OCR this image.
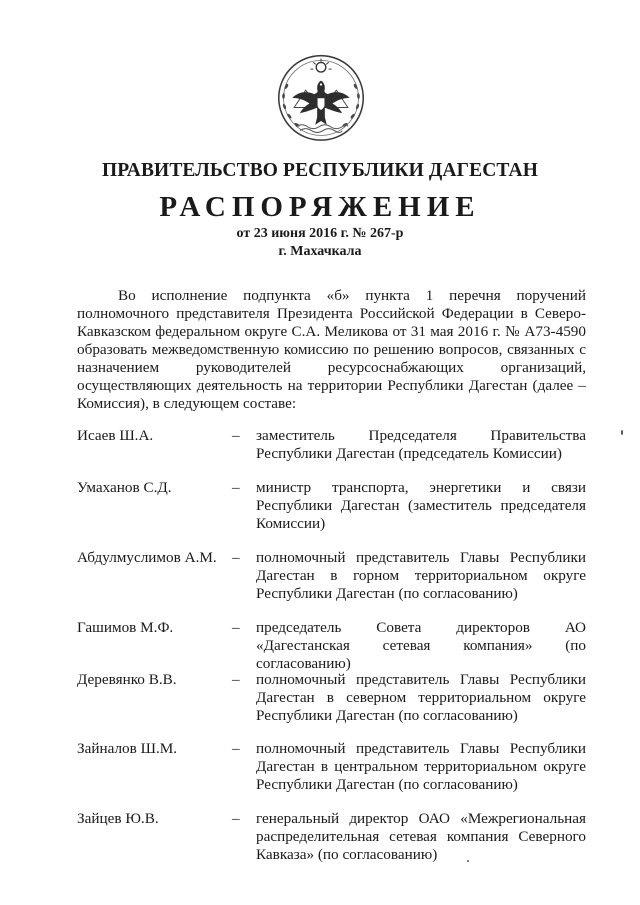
ПРАВИТЕЛЬСТВО РЕСПУБЛИКИ ДАГЕСТАН
РАСПОРЯЖЕНИЕ
от 23 июня 2016 г. № 267-р
г. Махачкала

Во исполнение подпункта «б» пункта 1 перечня поручений полномочного представителя Президента Российской Федерации в Северо-Кавказском федеральном округе С.А. Меликова от 31 мая 2016 г. № А73-4590 образовать межведомственную комиссию по решению вопросов, связанных с назначением руководителей ресурсоснабжающих организаций, осуществляющих деятельность на территории Республики Дагестан (далее – Комиссия), в следующем составе:

Исаев Ш.А.	– заместитель Председателя Правительства Республики Дагестан (председатель Комиссии)

Умаханов С.Д.	– министр транспорта, энергетики и связи Республики Дагестан (заместитель председателя Комиссии)

Абдулмуслимов А.М.	– полномочный представитель Главы Республики Дагестан в горном территориальном округе Республики Дагестан (по согласованию)

Гашимов М.Ф.	– председатель Совета директоров АО «Дагестанская сетевая компания» (по согласованию)

Деревянко В.В.	– полномочный представитель Главы Республики Дагестан в северном территориальном округе Республики Дагестан (по согласованию)

Зайналов Ш.М.	– полномочный представитель Главы Республики Дагестан в центральном территориальном округе Республики Дагестан (по согласованию)

Зайцев Ю.В.	– генеральный директор ОАО «Межрегиональная распределительная сетевая компания Северного Кавказа» (по согласованию)
